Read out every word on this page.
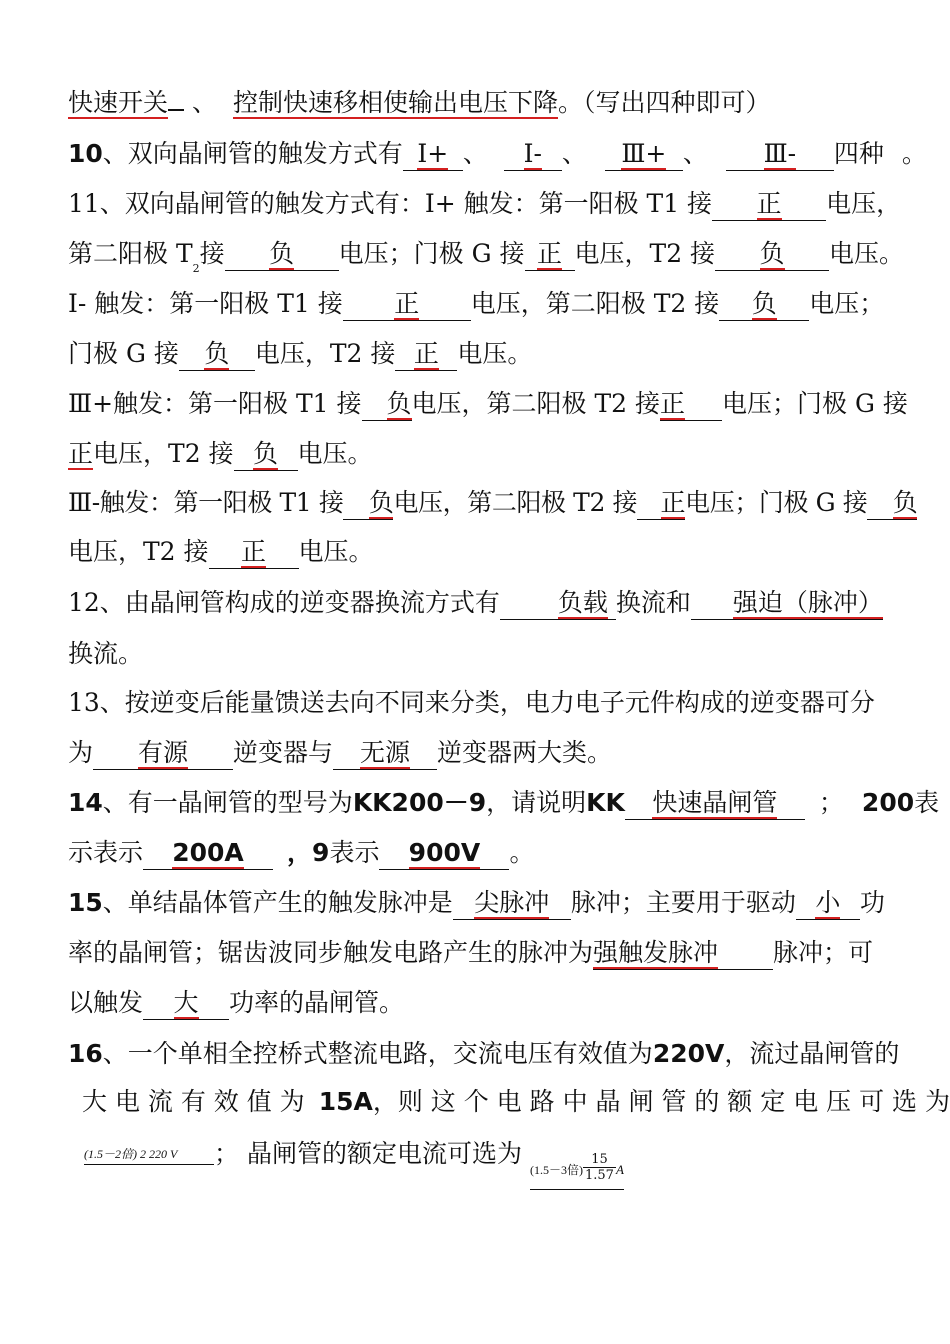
快速开关 、 控制快速移相使输出电压下降。（写出四种即可）
10、双向晶闸管的触发方式有 Ⅰ+ 、 Ⅰ- 、 Ⅲ+ 、 Ⅲ- 四种 。
11、双向晶闸管的触发方式有：I+ 触发：第一阳极 T1 接 正 电压，
第二阳极 $T_2$接 负 电压；门极 G 接 正 电压，T2 接 负 电压。
I- 触发：第一阳极 T1 接 正 电压，第二阳极 T2 接 负 电压；
门极 G 接 负 电压，T2 接 正 电压。
Ⅲ+触发：第一阳极 T1 接 负电压，第二阳极 T2 接正 电压；门极 G 接
正电压，T2 接 负 电压。
Ⅲ-触发：第一阳极 T1 接 负电压，第二阳极 T2 接 正电压；门极 G 接 负
电压，T2 接 正 电压。
12、由晶闸管构成的逆变器换流方式有 负载 换流和 强迫（脉冲）
换流。
13、按逆变后能量馈送去向不同来分类，电力电子元件构成的逆变器可分
为 有源 逆变器与 无源 逆变器两大类。
14、有一晶闸管的型号为KK200－9，请说明KK 快速晶闸管 ； 200表
示表示 200A ，9表示 900V 。
15、单结晶体管产生的触发脉冲是 尖脉冲 脉冲；主要用于驱动 小 功
率的晶闸管；锯齿波同步触发电路产生的脉冲为强触发脉冲 脉冲；可
以触发 大 功率的晶闸管。
16、一个单相全控桥式整流电路，交流电压有效值为220V，流过晶闸管的
大 电 流 有 效 值 为 15A，则 这 个 电 路 中 晶 闸 管 的 额 定 电 压 可 选 为
(1.5－2倍) 2 220 V ； 晶闸管的额定电流可选为 (1.5－3倍) $\frac{15}{1.57}$ A
